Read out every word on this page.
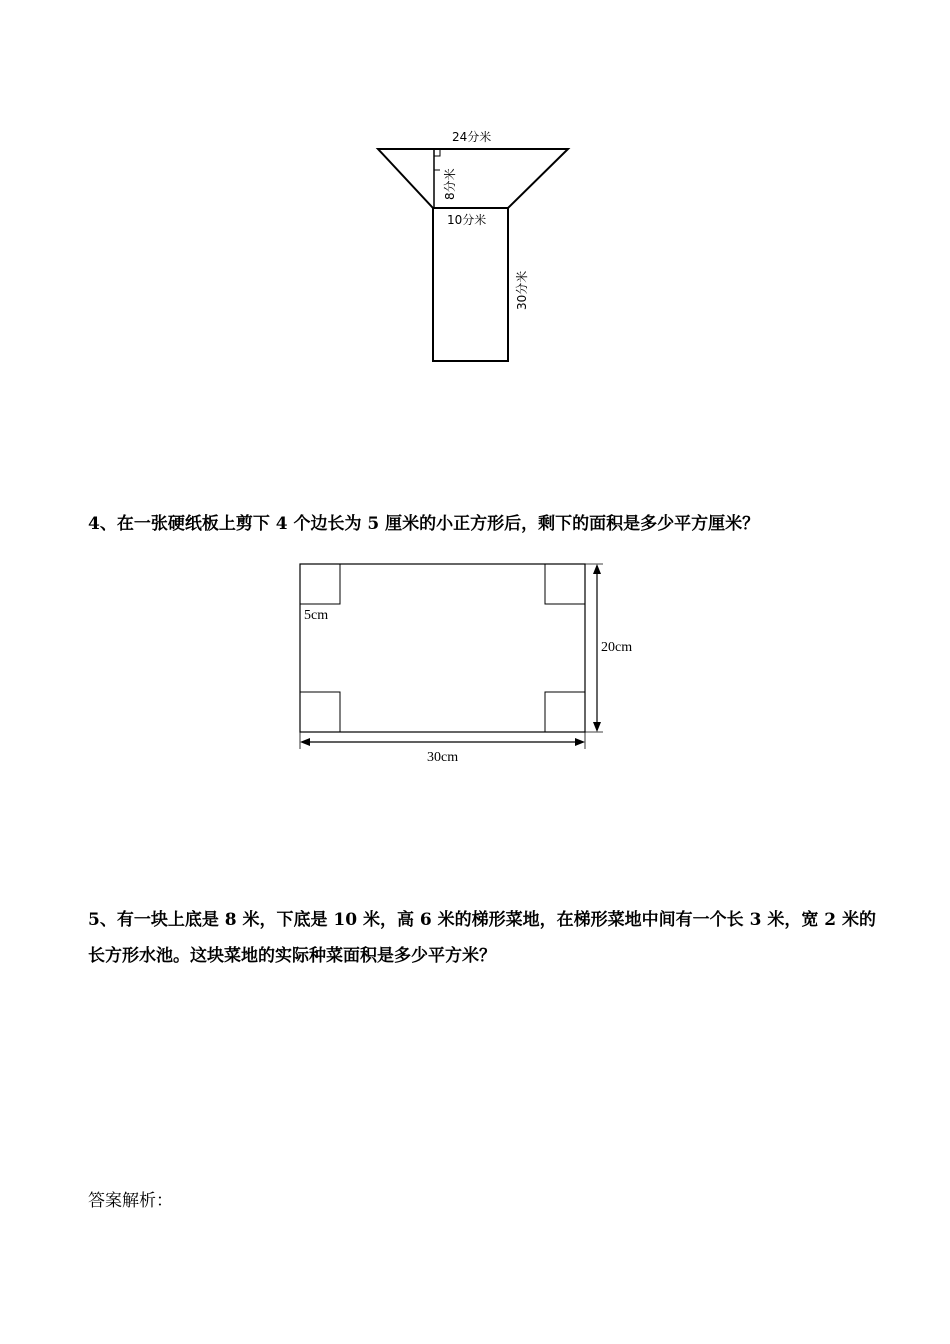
24分米
8分米
10分米
30分米

4、在一张硬纸板上剪下 4 个边长为 5 厘米的小正方形后，剩下的面积是多少平方厘米？

5cm
20cm
30cm

5、有一块上底是 8 米，下底是 10 米，高 6 米的梯形菜地，在梯形菜地中间有一个长 3 米，宽 2 米的长方形水池。这块菜地的实际种菜面积是多少平方米？

答案解析：
